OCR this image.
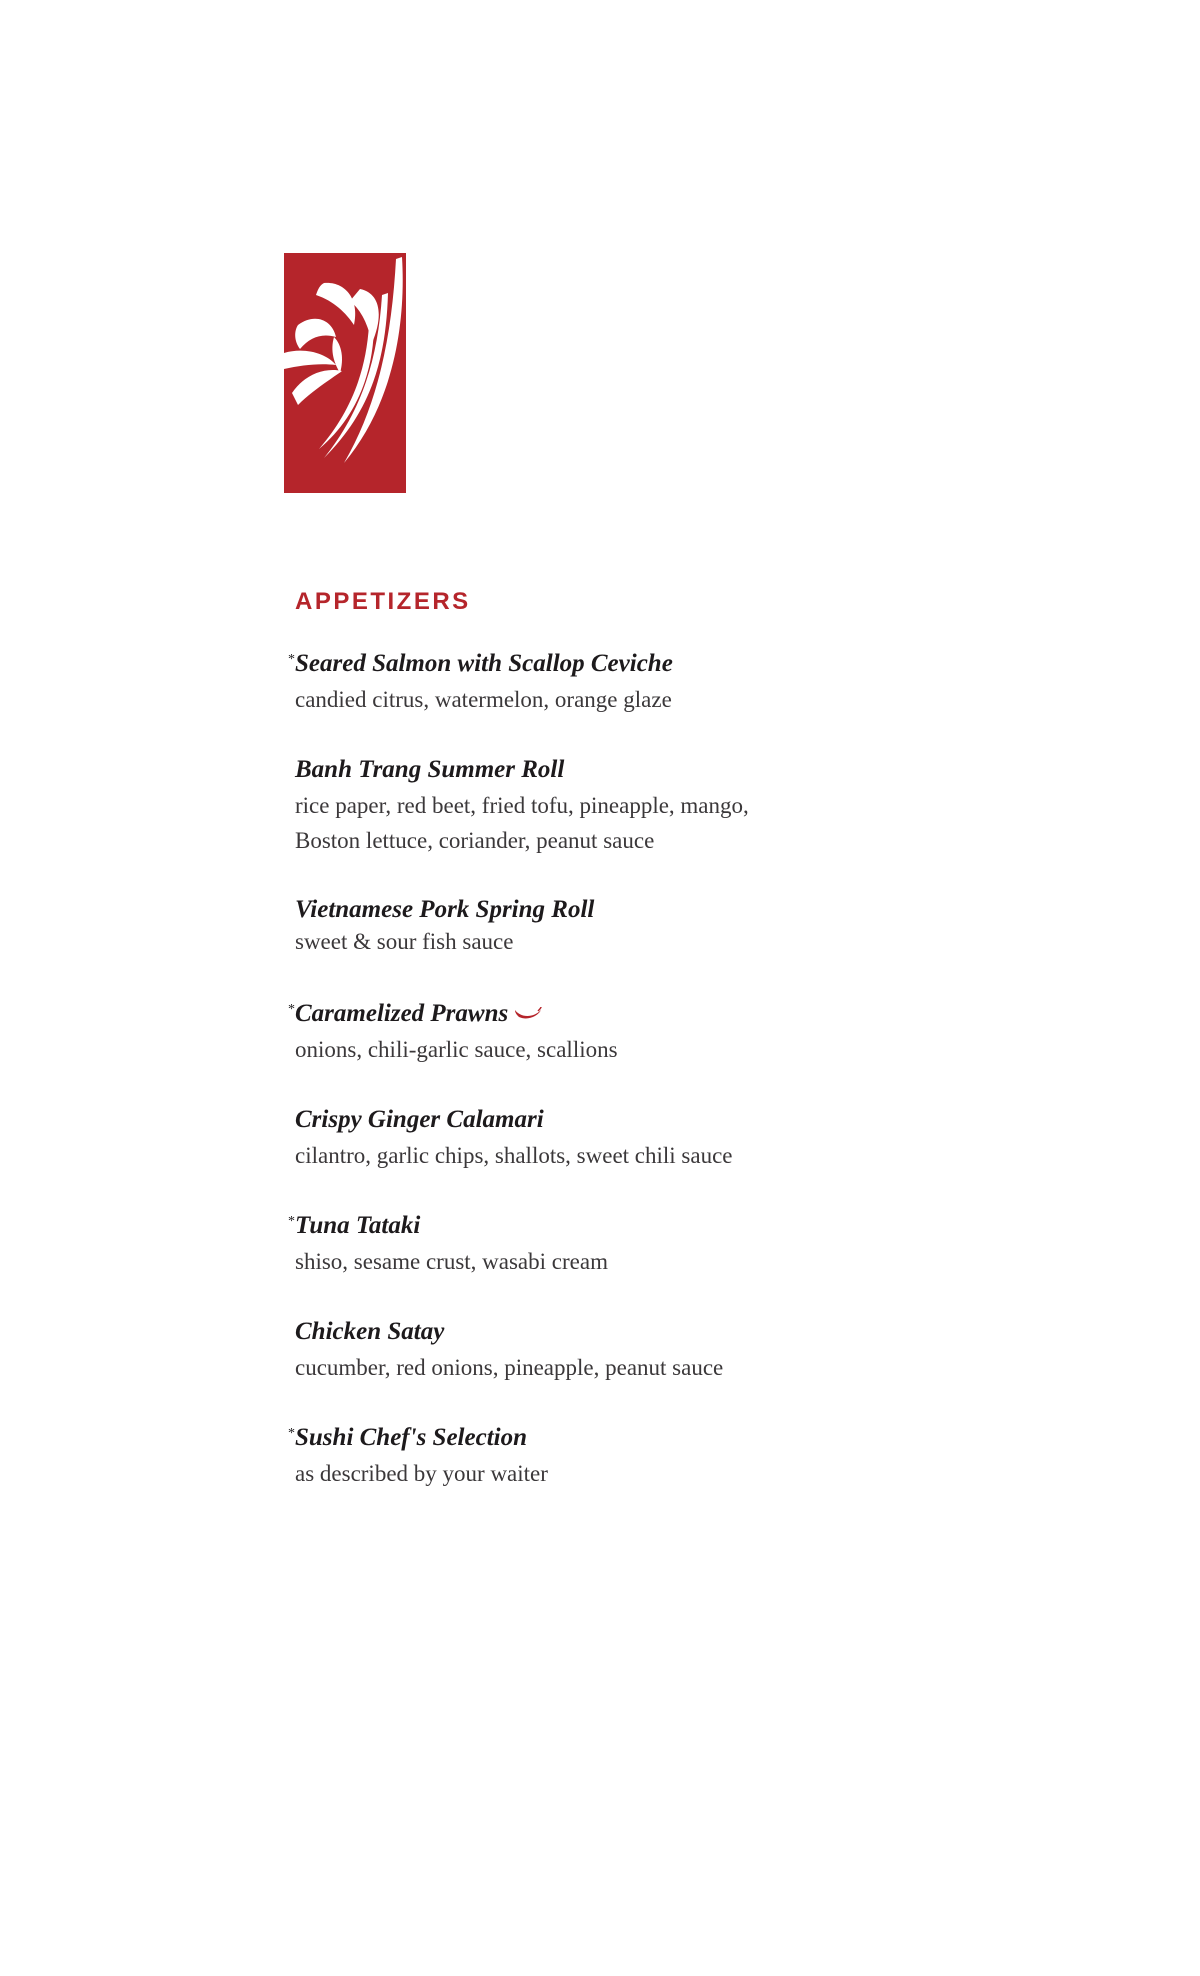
APPETIZERS
* Seared Salmon with Scallop Ceviche
candied citrus, watermelon, orange glaze
Banh Trang Summer Roll
rice paper, red beet, fried tofu, pineapple, mango,
Boston lettuce, coriander, peanut sauce
Vietnamese Pork Spring Roll
sweet & sour fish sauce
* Caramelized Prawns
onions, chili-garlic sauce, scallions
Crispy Ginger Calamari
cilantro, garlic chips, shallots, sweet chili sauce
* Tuna Tataki
shiso, sesame crust, wasabi cream
Chicken Satay
cucumber, red onions, pineapple, peanut sauce
* Sushi Chef's Selection
as described by your waiter
